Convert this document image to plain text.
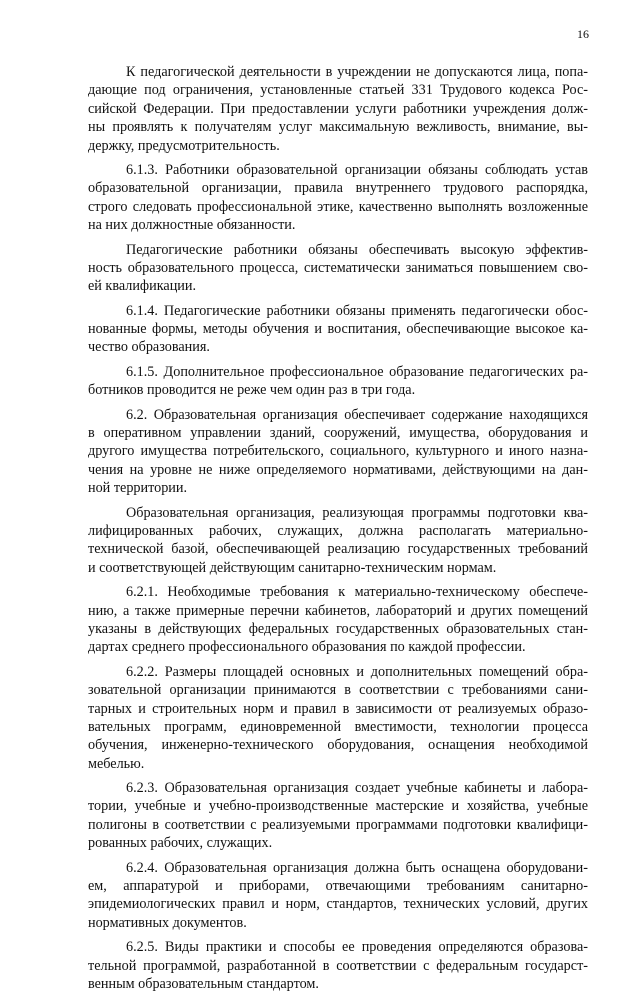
16
К педагогической деятельности в учреждении не допускаются лица, попа-
дающие под ограничения, установленные статьей 331 Трудового кодекса Рос-
сийской Федерации. При предоставлении услуги работники учреждения долж-
ны проявлять к получателям услуг максимальную вежливость, внимание, вы-
держку, предусмотрительность.
6.1.3. Работники образовательной организации обязаны соблюдать устав
образовательной организации, правила внутреннего трудового распорядка,
строго следовать профессиональной этике, качественно выполнять возложенные
на них должностные обязанности.
Педагогические работники обязаны обеспечивать высокую эффектив-
ность образовательного процесса, систематически заниматься повышением сво-
ей квалификации.
6.1.4. Педагогические работники обязаны применять педагогически обос-
нованные формы, методы обучения и воспитания, обеспечивающие высокое ка-
чество образования.
6.1.5. Дополнительное профессиональное образование педагогических ра-
ботников проводится не реже чем один раз в три года.
6.2. Образовательная организация обеспечивает содержание находящихся
в оперативном управлении зданий, сооружений, имущества, оборудования и
другого имущества потребительского, социального, культурного и иного назна-
чения на уровне не ниже определяемого нормативами, действующими на дан-
ной территории.
Образовательная организация, реализующая программы подготовки ква-
лифицированных рабочих, служащих, должна располагать материально-
технической базой, обеспечивающей реализацию государственных требований
и соответствующей действующим санитарно-техническим нормам.
6.2.1. Необходимые требования к материально-техническому обеспече-
нию, а также примерные перечни кабинетов, лабораторий и других помещений
указаны в действующих федеральных государственных образовательных стан-
дартах среднего профессионального образования по каждой профессии.
6.2.2. Размеры площадей основных и дополнительных помещений обра-
зовательной организации принимаются в соответствии с требованиями сани-
тарных и строительных норм и правил в зависимости от реализуемых образо-
вательных программ, единовременной вместимости, технологии процесса
обучения, инженерно-технического оборудования, оснащения необходимой
мебелью.
6.2.3. Образовательная организация создает учебные кабинеты и лабора-
тории, учебные и учебно-производственные мастерские и хозяйства, учебные
полигоны в соответствии с реализуемыми программами подготовки квалифици-
рованных рабочих, служащих.
6.2.4. Образовательная организация должна быть оснащена оборудовани-
ем, аппаратурой и приборами, отвечающими требованиям санитарно-
эпидемиологических правил и норм, стандартов, технических условий, других
нормативных документов.
6.2.5. Виды практики и способы ее проведения определяются образова-
тельной программой, разработанной в соответствии с федеральным государст-
венным образовательным стандартом.
